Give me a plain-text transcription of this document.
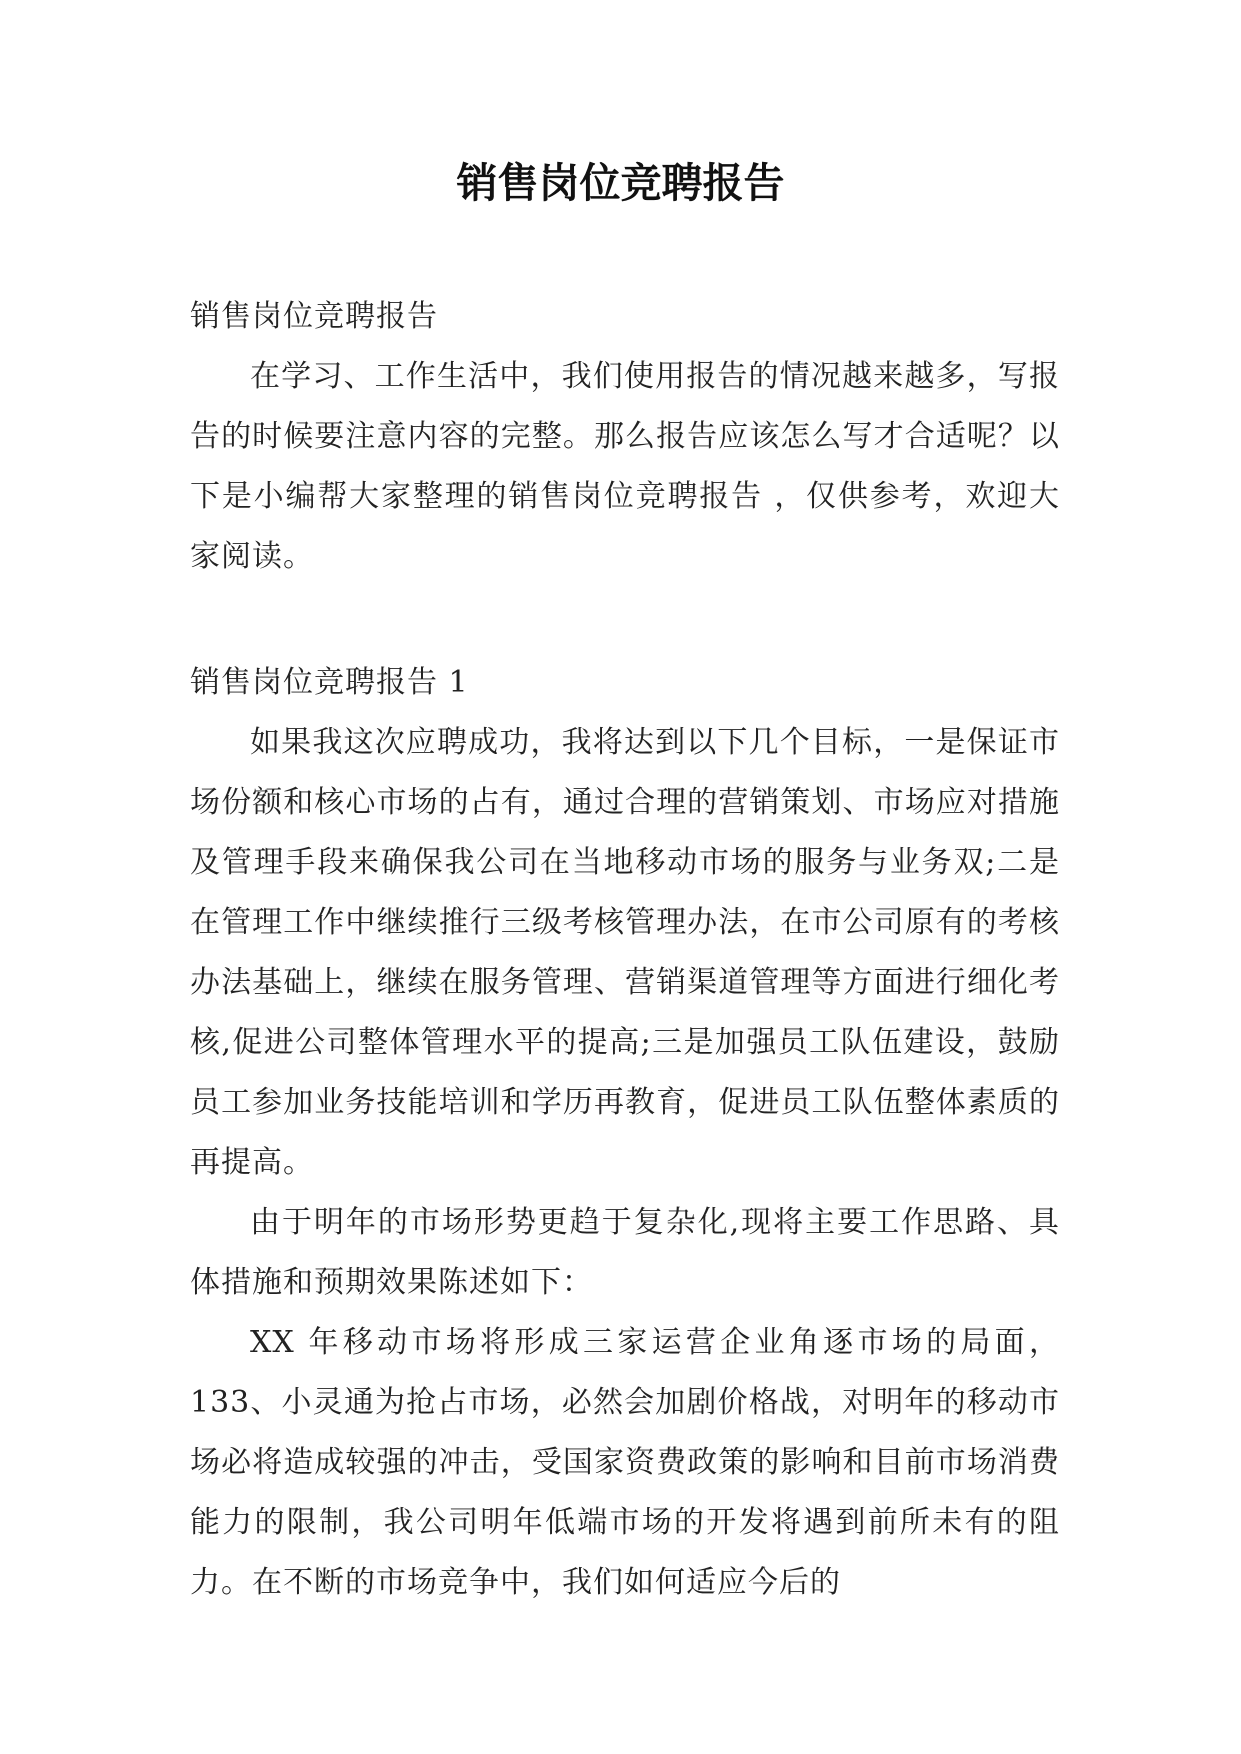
销售岗位竞聘报告

销售岗位竞聘报告

在学习、工作生活中，我们使用报告的情况越来越多，写报告的时候要注意内容的完整。那么报告应该怎么写才合适呢？以下是小编帮大家整理的销售岗位竞聘报告 ，仅供参考，欢迎大家阅读。

销售岗位竞聘报告 1

如果我这次应聘成功，我将达到以下几个目标，一是保证市场份额和核心市场的占有，通过合理的营销策划、市场应对措施及管理手段来确保我公司在当地移动市场的服务与业务双;二是在管理工作中继续推行三级考核管理办法，在市公司原有的考核办法基础上，继续在服务管理、营销渠道管理等方面进行细化考核,促进公司整体管理水平的提高;三是加强员工队伍建设，鼓励员工参加业务技能培训和学历再教育，促进员工队伍整体素质的再提高。

由于明年的市场形势更趋于复杂化,现将主要工作思路、具体措施和预期效果陈述如下：

XX 年移动市场将形成三家运营企业角逐市场的局面，133、小灵通为抢占市场，必然会加剧价格战，对明年的移动市场必将造成较强的冲击，受国家资费政策的影响和目前市场消费能力的限制，我公司明年低端市场的开发将遇到前所未有的阻力。在不断的市场竞争中，我们如何适应今后的
